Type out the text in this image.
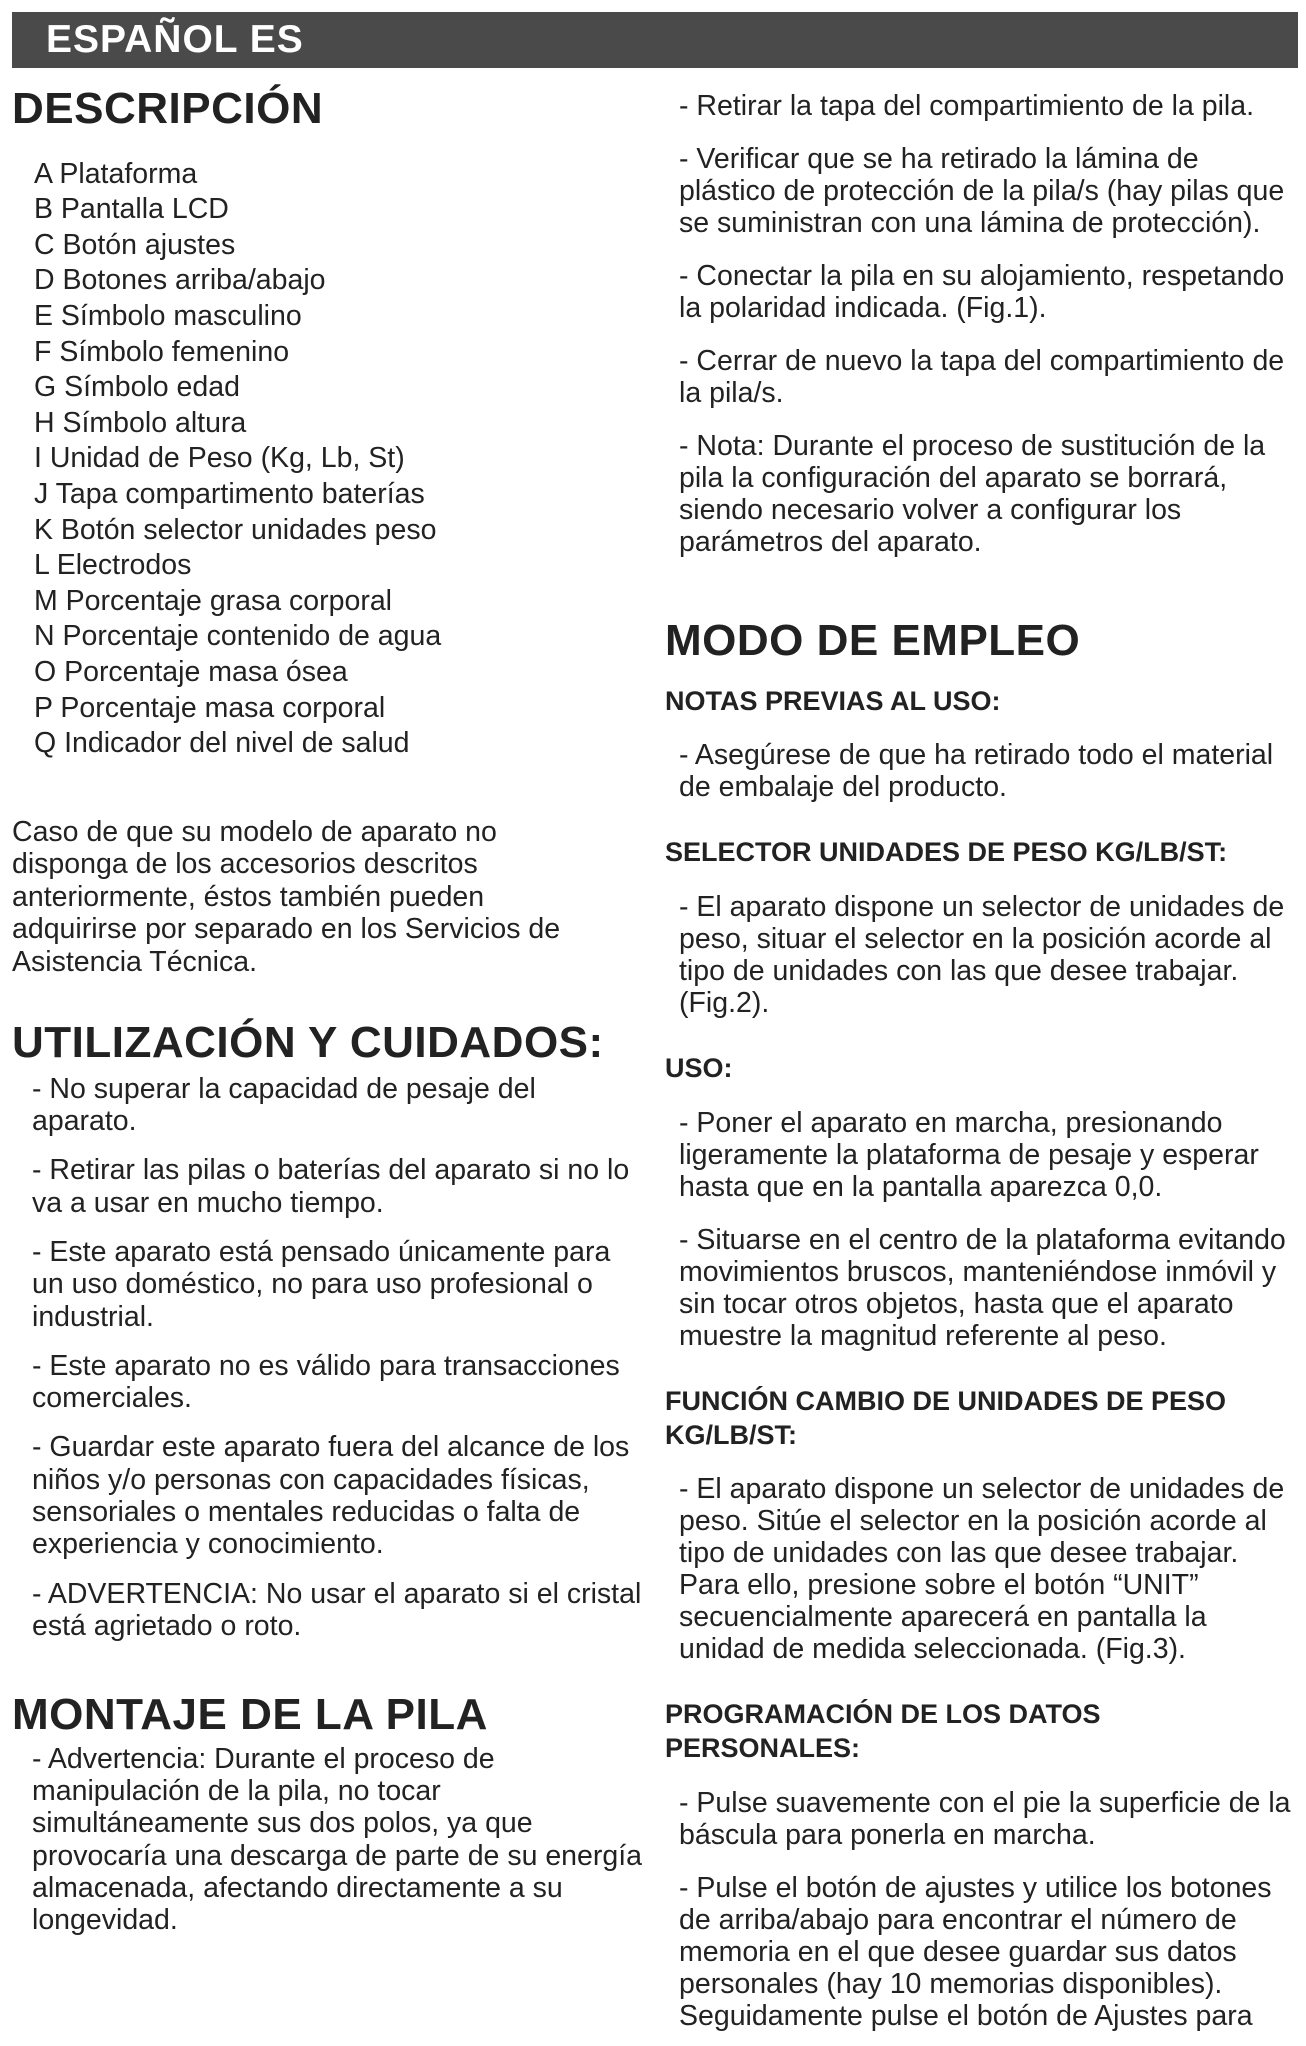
ESPAÑOL ES
DESCRIPCIÓN
A Plataforma
B Pantalla LCD
C Botón ajustes
D Botones arriba/abajo
E Símbolo masculino
F Símbolo femenino
G Símbolo edad
H Símbolo altura
I Unidad de Peso (Kg, Lb, St)
J Tapa compartimento baterías
K Botón selector unidades peso
L Electrodos
M Porcentaje grasa corporal
N Porcentaje contenido de agua
O Porcentaje masa ósea
P Porcentaje masa corporal
Q Indicador del nivel de salud

Caso de que su modelo de aparato no disponga de los accesorios descritos anteriormente, éstos también pueden adquirirse por separado en los Servicios de Asistencia Técnica.

UTILIZACIÓN Y CUIDADOS:

- No superar la capacidad de pesaje del aparato.

- Retirar las pilas o baterías del aparato si no lo va a usar en mucho tiempo.

- Este aparato está pensado únicamente para un uso doméstico, no para uso profesional o industrial.

- Este aparato no es válido para transacciones comerciales.

- Guardar este aparato fuera del alcance de los niños y/o personas con capacidades físicas, sensoriales o mentales reducidas o falta de experiencia y conocimiento.

- ADVERTENCIA: No usar el aparato si el cristal está agrietado o roto.

MONTAJE DE LA PILA

- Advertencia: Durante el proceso de manipulación de la pila, no tocar simultáneamente sus dos polos, ya que provocaría una descarga de parte de su energía almacenada, afectando directamente a su longevidad.

- Retirar la tapa del compartimiento de la pila.

- Verificar que se ha retirado la lámina de plástico de protección de la pila/s (hay pilas que se suministran con una lámina de protección).

- Conectar la pila en su alojamiento, respetando la polaridad indicada. (Fig.1).

- Cerrar de nuevo la tapa del compartimiento de la pila/s.

- Nota: Durante el proceso de sustitución de la pila la configuración del aparato se borrará, siendo necesario volver a configurar los parámetros del aparato.

MODO DE EMPLEO
NOTAS PREVIAS AL USO:

- Asegúrese de que ha retirado todo el material de embalaje del producto.

SELECTOR UNIDADES DE PESO KG/LB/ST:

- El aparato dispone un selector de unidades de peso, situar el selector en la posición acorde al tipo de unidades con las que desee trabajar. (Fig.2).

USO:

- Poner el aparato en marcha, presionando ligeramente la plataforma de pesaje y esperar hasta que en la pantalla aparezca 0,0.

- Situarse en el centro de la plataforma evitando movimientos bruscos, manteniéndose inmóvil y sin tocar otros objetos, hasta que el aparato muestre la magnitud referente al peso.

FUNCIÓN CAMBIO DE UNIDADES DE PESO KG/LB/ST:

- El aparato dispone un selector de unidades de peso. Sitúe el selector en la posición acorde al tipo de unidades con las que desee trabajar. Para ello, presione sobre el botón “UNIT” secuencialmente aparecerá en pantalla la unidad de medida seleccionada. (Fig.3).

PROGRAMACIÓN DE LOS DATOS PERSONALES:

- Pulse suavemente con el pie la superficie de la báscula para ponerla en marcha.

- Pulse el botón de ajustes y utilice los botones de arriba/abajo para encontrar el número de memoria en el que desee guardar sus datos personales (hay 10 memorias disponibles). Seguidamente pulse el botón de Ajustes para
